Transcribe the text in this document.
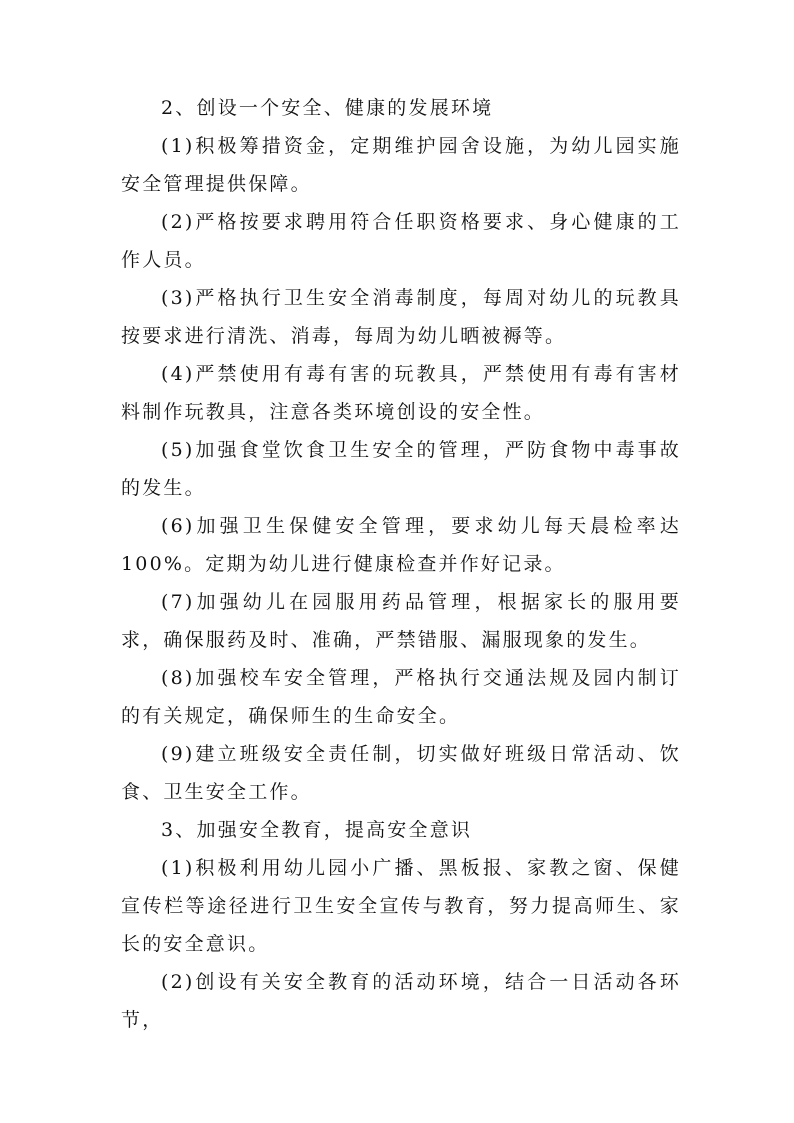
2、创设一个安全、健康的发展环境

(1)积极筹措资金，定期维护园舍设施，为幼儿园实施安全管理提供保障。

(2)严格按要求聘用符合任职资格要求、身心健康的工作人员。

(3)严格执行卫生安全消毒制度，每周对幼儿的玩教具按要求进行清洗、消毒，每周为幼儿晒被褥等。

(4)严禁使用有毒有害的玩教具，严禁使用有毒有害材料制作玩教具，注意各类环境创设的安全性。

(5)加强食堂饮食卫生安全的管理，严防食物中毒事故的发生。

(6)加强卫生保健安全管理，要求幼儿每天晨检率达100%。定期为幼儿进行健康检查并作好记录。

(7)加强幼儿在园服用药品管理，根据家长的服用要求，确保服药及时、准确，严禁错服、漏服现象的发生。

(8)加强校车安全管理，严格执行交通法规及园内制订的有关规定，确保师生的生命安全。

(9)建立班级安全责任制，切实做好班级日常活动、饮食、卫生安全工作。

3、加强安全教育，提高安全意识

(1)积极利用幼儿园小广播、黑板报、家教之窗、保健宣传栏等途径进行卫生安全宣传与教育，努力提高师生、家长的安全意识。

(2)创设有关安全教育的活动环境，结合一日活动各环节，
